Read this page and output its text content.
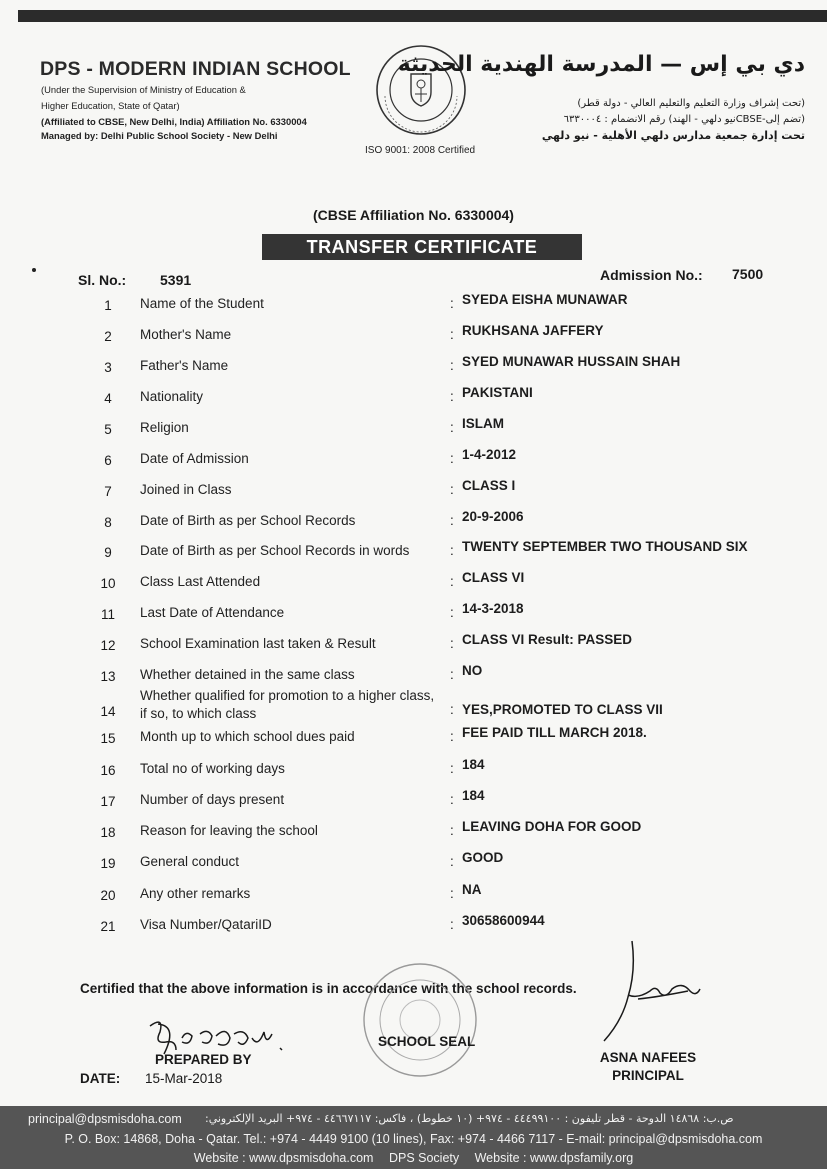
DPS - MODERN INDIAN SCHOOL
(Under the Supervision of Ministry of Education &
Higher Education, State of Qatar)
(Affiliated to CBSE, New Delhi, India) Affiliation No. 6330004
Managed by: Delhi Public School Society - New Delhi
ISO 9001: 2008 Certified
دي بي إس — المدرسة الهندية الحديثة
(تحت إشراف وزارة التعليم والتعليم العالي - دولة قطر)
(تضم إلى-CBSEنيو دلهي - الهند) رقم الانضمام : ٦٣٣٠٠٠٤
تحت إدارة جمعية مدارس دلهي الأهلية - نيو دلهي
(CBSE Affiliation No. 6330004)
TRANSFER CERTIFICATE
Sl. No.: 5391	Admission No.: 7500
1	Name of the Student	: SYEDA EISHA MUNAWAR
2	Mother's Name	: RUKHSANA JAFFERY
3	Father's Name	: SYED MUNAWAR HUSSAIN SHAH
4	Nationality	: PAKISTANI
5	Religion	: ISLAM
6	Date of Admission	: 1-4-2012
7	Joined in Class	: CLASS I
8	Date of Birth as per School Records	: 20-9-2006
9	Date of Birth as per School Records in words	: TWENTY SEPTEMBER TWO THOUSAND SIX
10	Class Last Attended	: CLASS VI
11	Last Date of Attendance	: 14-3-2018
12	School Examination last taken & Result	: CLASS VI Result: PASSED
13	Whether detained in the same class	: NO
14
Whether qualified for promotion to a higher class,
if so, to which class	: YES,PROMOTED TO CLASS VII
15	Month up to which school dues paid	: FEE PAID TILL MARCH 2018.
16	Total no of working days	: 184
17	Number of days present	: 184
18	Reason for leaving the school	: LEAVING DOHA FOR GOOD
19	General conduct	: GOOD
20	Any other remarks	: NA
21	Visa Number/QatariID	: 30658600944
Certified that the above information is in accordance with the school records.
SCHOOL SEAL
PREPARED BY
DATE: 15-Mar-2018
ASNA NAFEES
PRINCIPAL
principal@dpsmisdoha.com ص.ب: ١٤٨٦٨ الدوحة - قطر تليفون : ٤٤٤٩٩١٠٠ - ٩٧٤+ (١٠ خطوط) ، فاكس: ٤٤٦٦٧١١٧ - ٩٧٤+ البريد الإلكتروني:
P. O. Box: 14868, Doha - Qatar. Tel.: +974 - 4449 9100 (10 lines), Fax: +974 - 4466 7117 - E-mail: principal@dpsmisdoha.com
Website : www.dpsmisdoha.com DPS Society Website : www.dpsfamily.org
